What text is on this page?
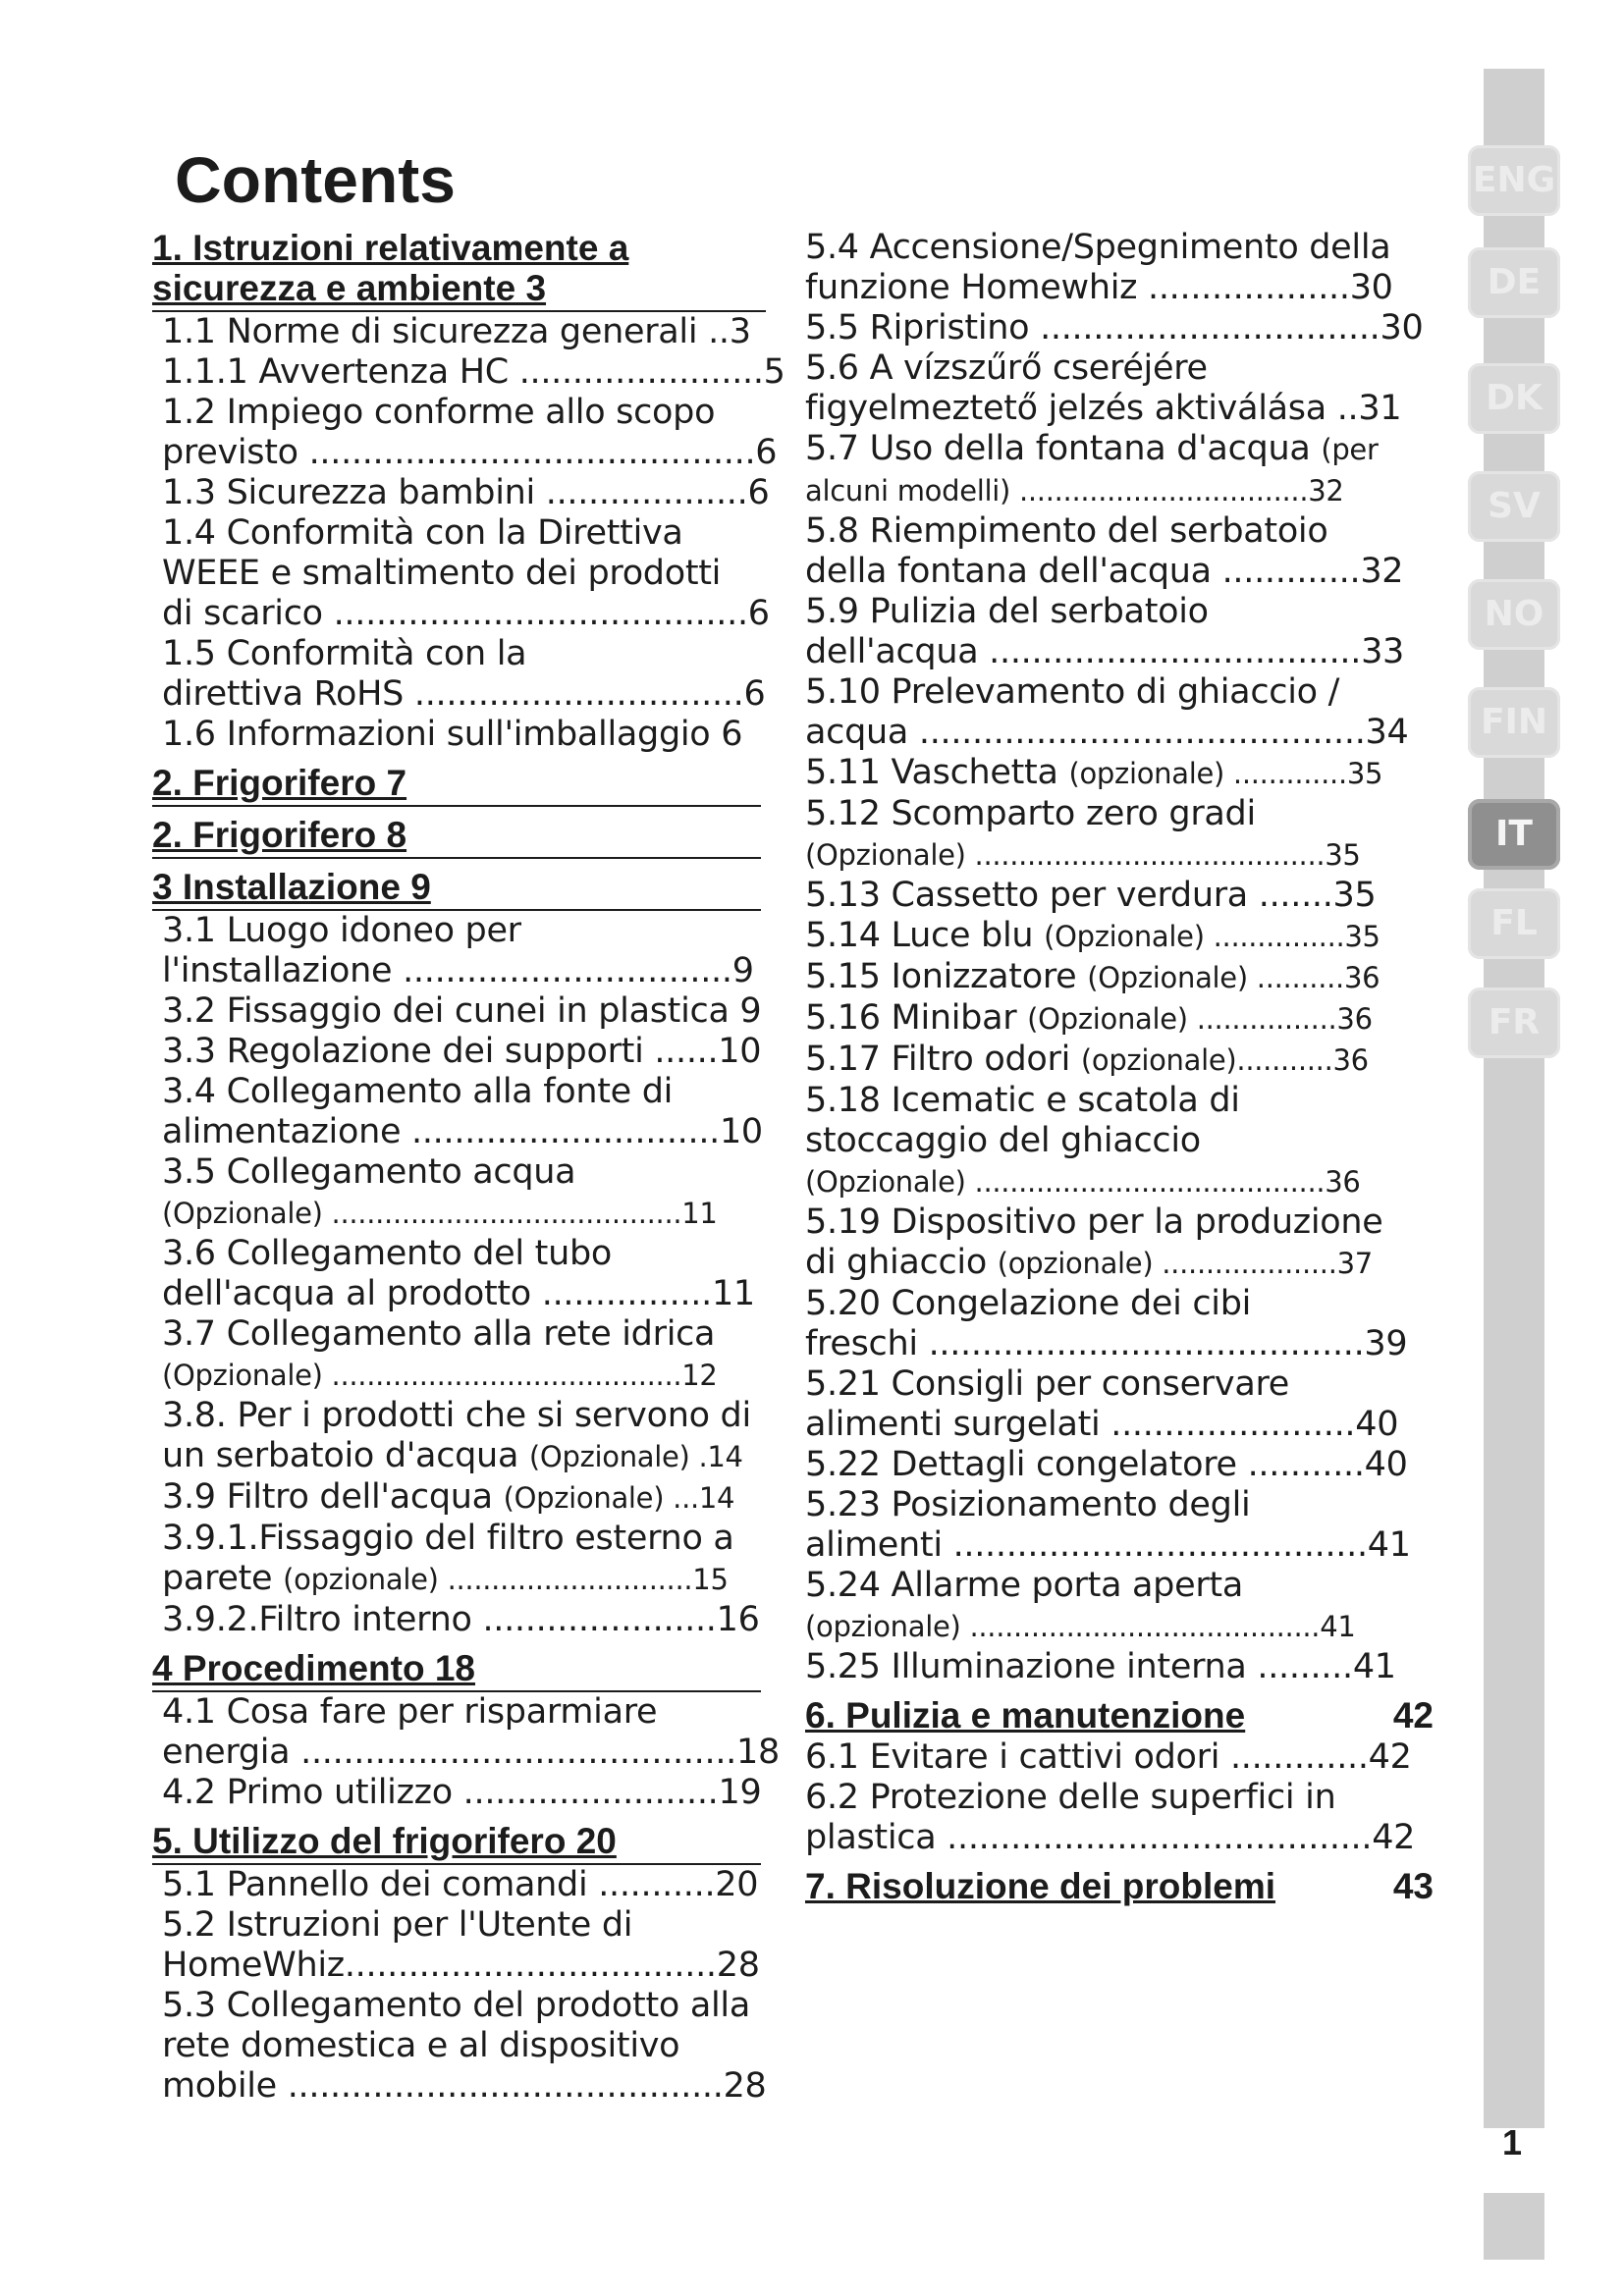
Contents
1. Istruzioni relativamente a
sicurezza e ambiente 3
1.1 Norme di sicurezza generali ..3
1.1.1 Avvertenza HC .......................5
1.2 Impiego conforme allo scopo
previsto ..........................................6
1.3 Sicurezza bambini ...................6
1.4 Conformità con la Direttiva
WEEE e smaltimento dei prodotti
di scarico .......................................6
1.5 Conformità con la
direttiva RoHS ...............................6
1.6 Informazioni sull'imballaggio 6
2. Frigorifero 7
2. Frigorifero 8
3 Installazione 9
3.1 Luogo idoneo per
l'installazione ...............................9
3.2 Fissaggio dei cunei in plastica 9
3.3 Regolazione dei supporti ......10
3.4 Collegamento alla fonte di
alimentazione .............................10
3.5 Collegamento acqua
(Opzionale) ........................................11
3.6 Collegamento del tubo
dell'acqua al prodotto ................11
3.7 Collegamento alla rete idrica
(Opzionale) ........................................12
3.8. Per i prodotti che si servono di
un serbatoio d'acqua (Opzionale) .14
3.9 Filtro dell'acqua (Opzionale) ...14
3.9.1.Fissaggio del filtro esterno a
parete (opzionale) ............................15
3.9.2.Filtro interno ......................16
4 Procedimento 18
4.1 Cosa fare per risparmiare
energia .........................................18
4.2 Primo utilizzo ........................19
5. Utilizzo del frigorifero 20
5.1 Pannello dei comandi ...........20
5.2 Istruzioni per l'Utente di
HomeWhiz...................................28
5.3 Collegamento del prodotto alla
rete domestica e al dispositivo
mobile .........................................28
5.4 Accensione/Spegnimento della
funzione Homewhiz ...................30
5.5 Ripristino ................................30
5.6 A vízszűrő cseréjére
figyelmeztető jelzés aktiválása ..31
5.7 Uso della fontana d'acqua (per
alcuni modelli) .................................32
5.8 Riempimento del serbatoio
della fontana dell'acqua .............32
5.9 Pulizia del serbatoio
dell'acqua ...................................33
5.10 Prelevamento di ghiaccio /
acqua ..........................................34
5.11 Vaschetta (opzionale) .............35
5.12 Scomparto zero gradi
(Opzionale) ........................................35
5.13 Cassetto per verdura .......35
5.14 Luce blu (Opzionale) ...............35
5.15 Ionizzatore (Opzionale) ..........36
5.16 Minibar (Opzionale) ................36
5.17 Filtro odori (opzionale)...........36
5.18 Icematic e scatola di
stoccaggio del ghiaccio
(Opzionale) ........................................36
5.19 Dispositivo per la produzione
di ghiaccio (opzionale) ....................37
5.20 Congelazione dei cibi
freschi .........................................39
5.21 Consigli per conservare
alimenti surgelati .......................40
5.22 Dettagli congelatore ...........40
5.23 Posizionamento degli
alimenti .......................................41
5.24 Allarme porta aperta
(opzionale) ........................................41
5.25 Illuminazione interna .........41
6. Pulizia e manutenzione	42
6.1 Evitare i cattivi odori .............42
6.2 Protezione delle superfici in
plastica ........................................42
7. Risoluzione dei problemi	43
ENG
DE
DK
SV
NO
FIN
IT
FL
FR
1
